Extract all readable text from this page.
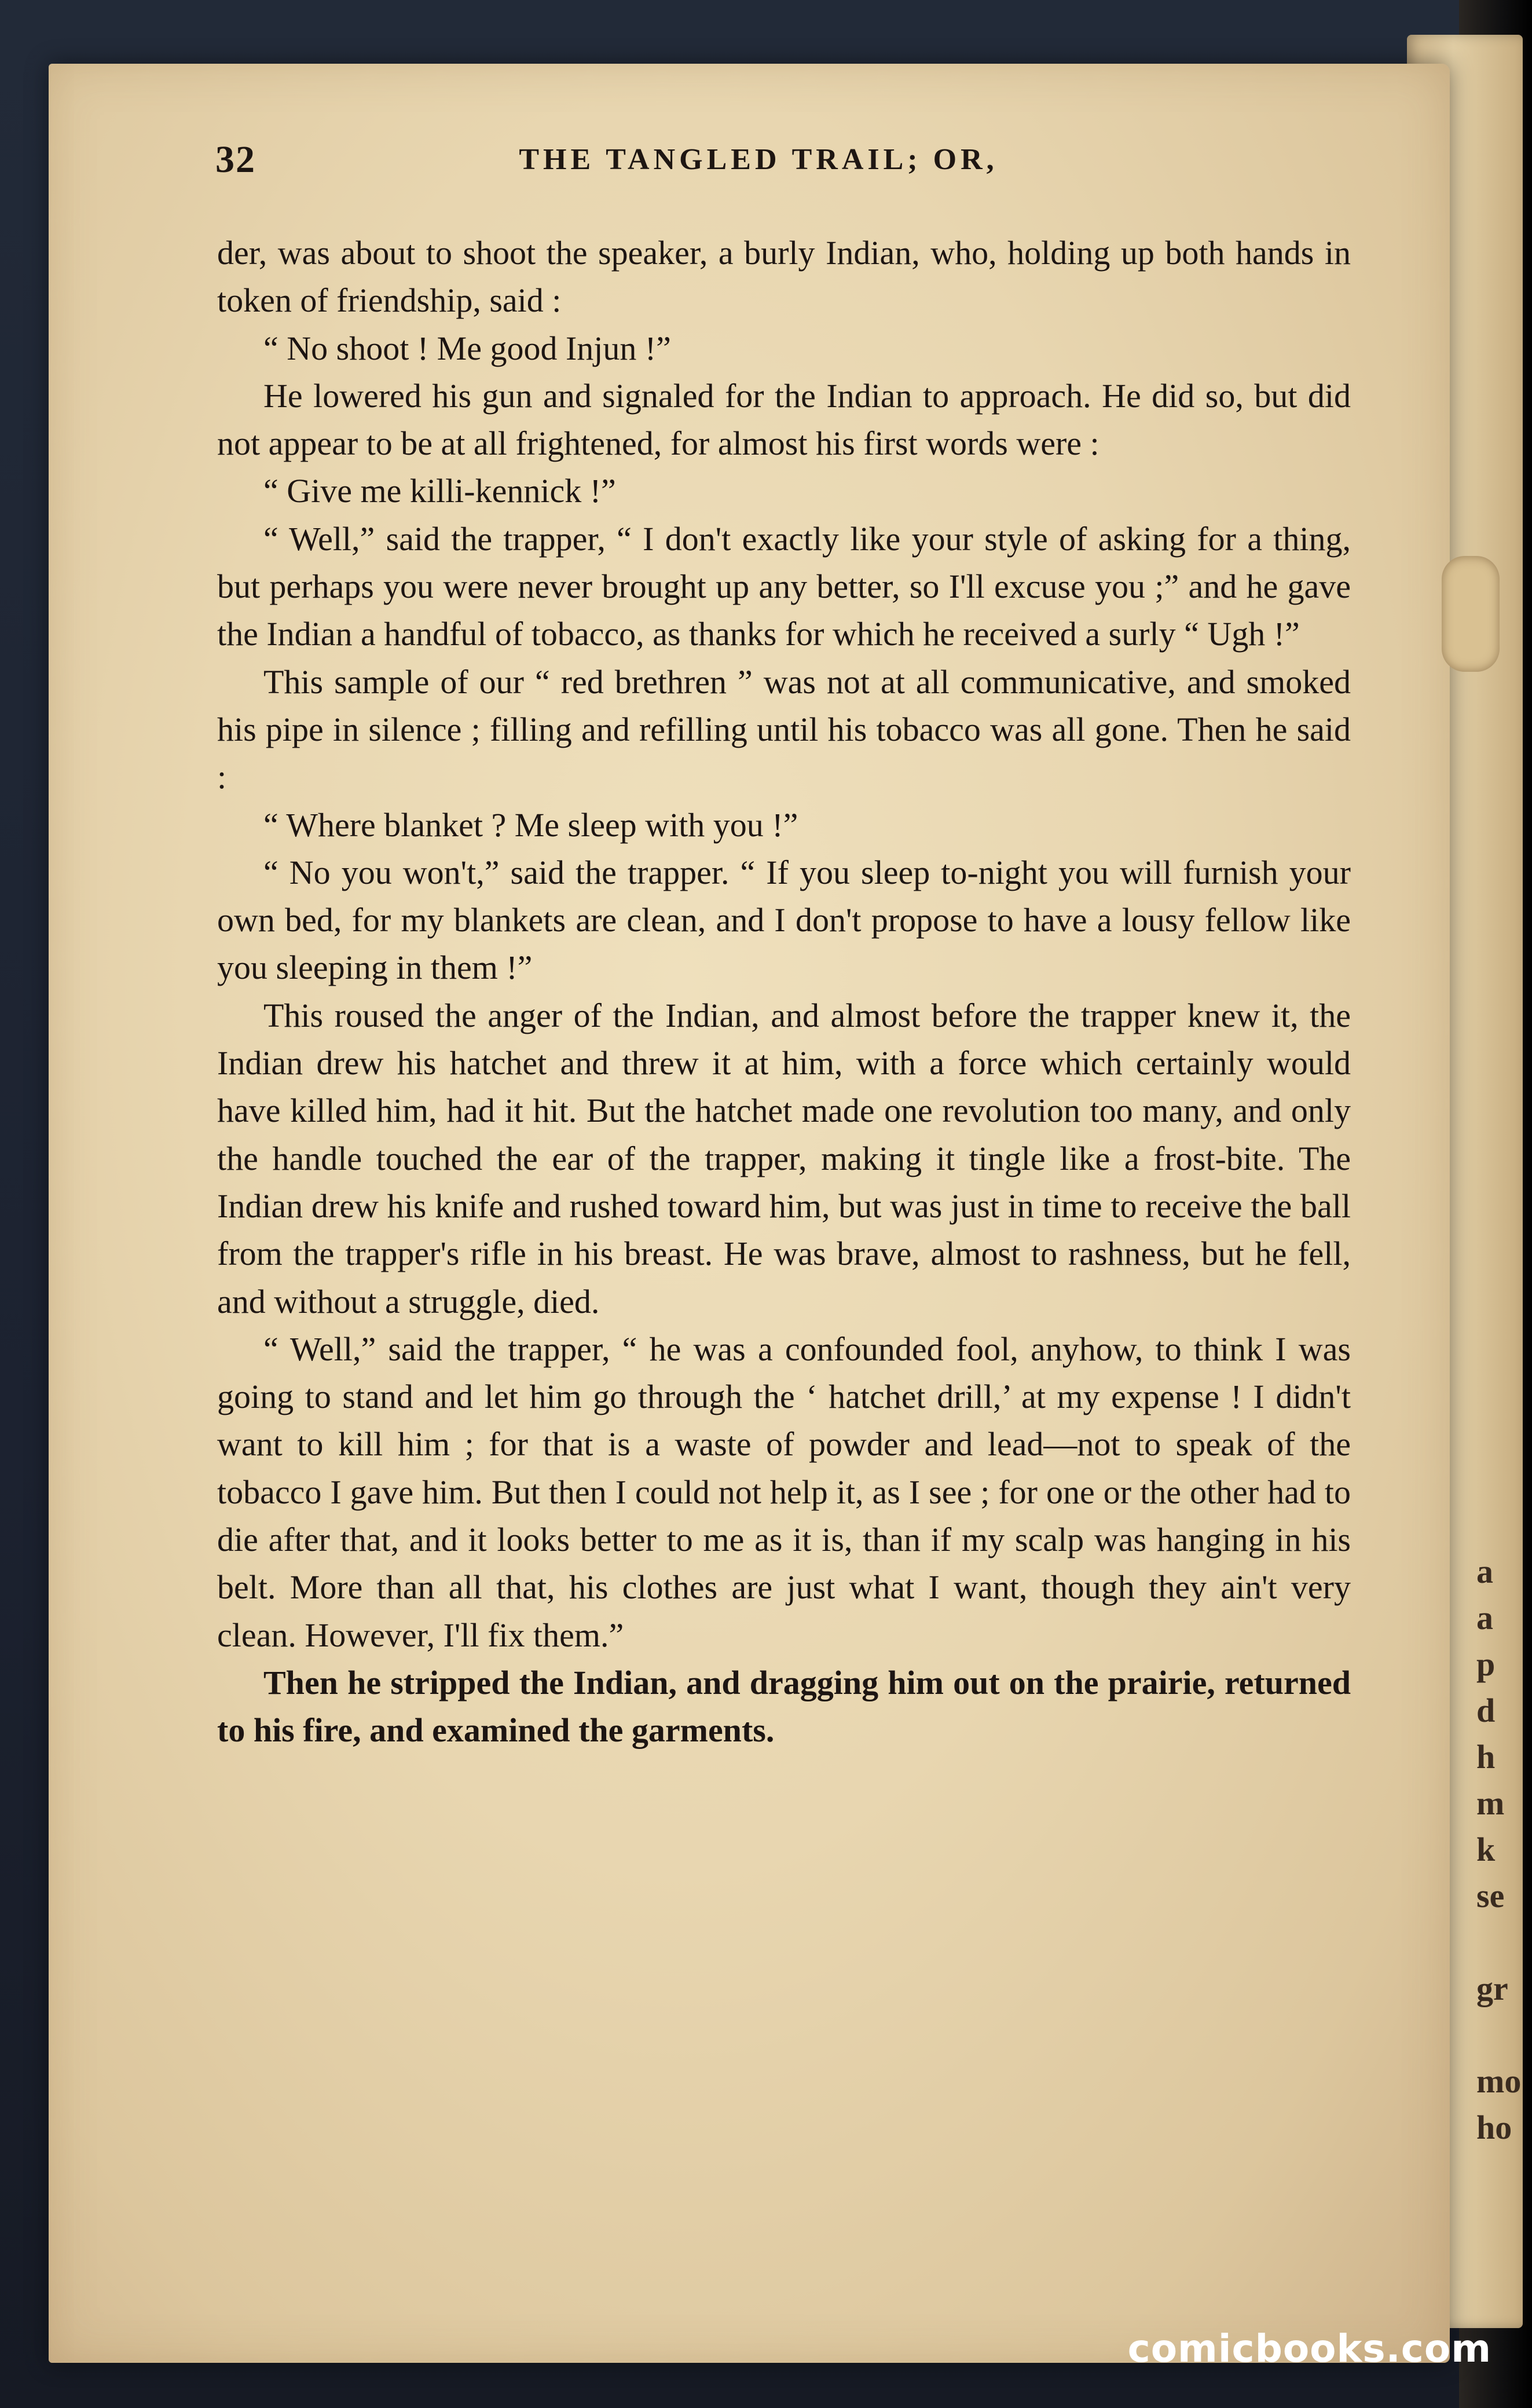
a
a
p
d
h
m
k
se
gr
mo
ho
32	THE TANGLED TRAIL; OR,

der, was about to shoot the speaker, a burly Indian, who, holding up both hands in token of friendship, said :

“ No shoot ! Me good Injun !”

He lowered his gun and signaled for the Indian to approach. He did so, but did not appear to be at all frightened, for almost his first words were :

“ Give me killi-kennick !”

“ Well,” said the trapper, “ I don't exactly like your style of asking for a thing, but perhaps you were never brought up any better, so I'll excuse you ;” and he gave the Indian a handful of tobacco, as thanks for which he received a surly “ Ugh !”

This sample of our “ red brethren ” was not at all communicative, and smoked his pipe in silence ; filling and refilling until his tobacco was all gone. Then he said :

“ Where blanket ? Me sleep with you !”

“ No you won't,” said the trapper. “ If you sleep to-night you will furnish your own bed, for my blankets are clean, and I don't propose to have a lousy fellow like you sleeping in them !”

This roused the anger of the Indian, and almost before the trapper knew it, the Indian drew his hatchet and threw it at him, with a force which certainly would have killed him, had it hit. But the hatchet made one revolution too many, and only the handle touched the ear of the trapper, making it tingle like a frost-bite. The Indian drew his knife and rushed toward him, but was just in time to receive the ball from the trapper's rifle in his breast. He was brave, almost to rashness, but he fell, and without a struggle, died.

“ Well,” said the trapper, “ he was a confounded fool, anyhow, to think I was going to stand and let him go through the ‘ hatchet drill,’ at my expense ! I didn't want to kill him ; for that is a waste of powder and lead—not to speak of the tobacco I gave him. But then I could not help it, as I see ; for one or the other had to die after that, and it looks better to me as it is, than if my scalp was hanging in his belt. More than all that, his clothes are just what I want, though they ain't very clean. However, I'll fix them.”

Then he stripped the Indian, and dragging him out on the prairie, returned to his fire, and examined the garments.

comicbooks.com
